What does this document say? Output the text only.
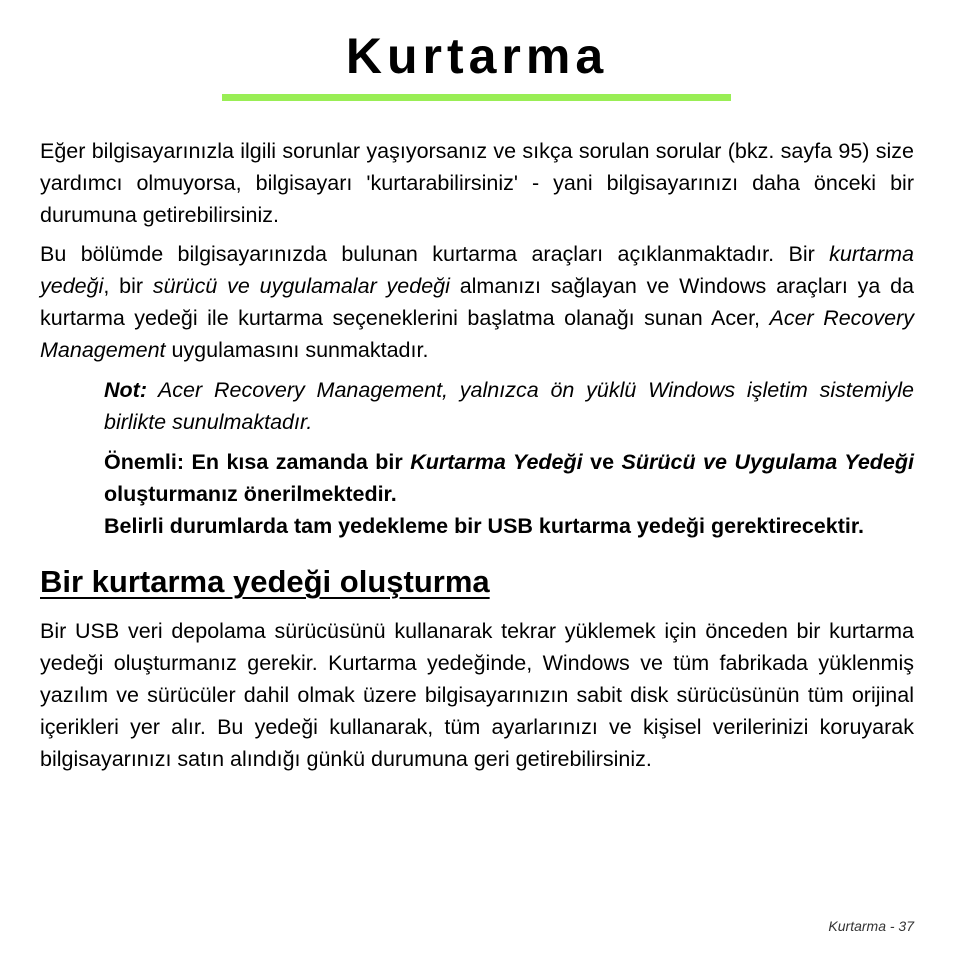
Kurtarma

Eğer bilgisayarınızla ilgili sorunlar yaşıyorsanız ve sıkça sorulan sorular (bkz. sayfa 95) size yardımcı olmuyorsa, bilgisayarı 'kurtarabilirsiniz' - yani bilgisayarınızı daha önceki bir durumuna getirebilirsiniz.

Bu bölümde bilgisayarınızda bulunan kurtarma araçları açıklanmaktadır. Bir kurtarma yedeği, bir sürücü ve uygulamalar yedeği almanızı sağlayan ve Windows araçları ya da kurtarma yedeği ile kurtarma seçeneklerini başlatma olanağı sunan Acer, Acer Recovery Management uygulamasını sunmaktadır.

Not: Acer Recovery Management, yalnızca ön yüklü Windows işletim sistemiyle birlikte sunulmaktadır.

Önemli: En kısa zamanda bir Kurtarma Yedeği ve Sürücü ve Uygulama Yedeği oluşturmanız önerilmektedir.

Belirli durumlarda tam yedekleme bir USB kurtarma yedeği gerektirecektir.

Bir kurtarma yedeği oluşturma

Bir USB veri depolama sürücüsünü kullanarak tekrar yüklemek için önceden bir kurtarma yedeği oluşturmanız gerekir. Kurtarma yedeğinde, Windows ve tüm fabrikada yüklenmiş yazılım ve sürücüler dahil olmak üzere bilgisayarınızın sabit disk sürücüsünün tüm orijinal içerikleri yer alır. Bu yedeği kullanarak, tüm ayarlarınızı ve kişisel verilerinizi koruyarak bilgisayarınızı satın alındığı günkü durumuna geri getirebilirsiniz.

Kurtarma - 37
